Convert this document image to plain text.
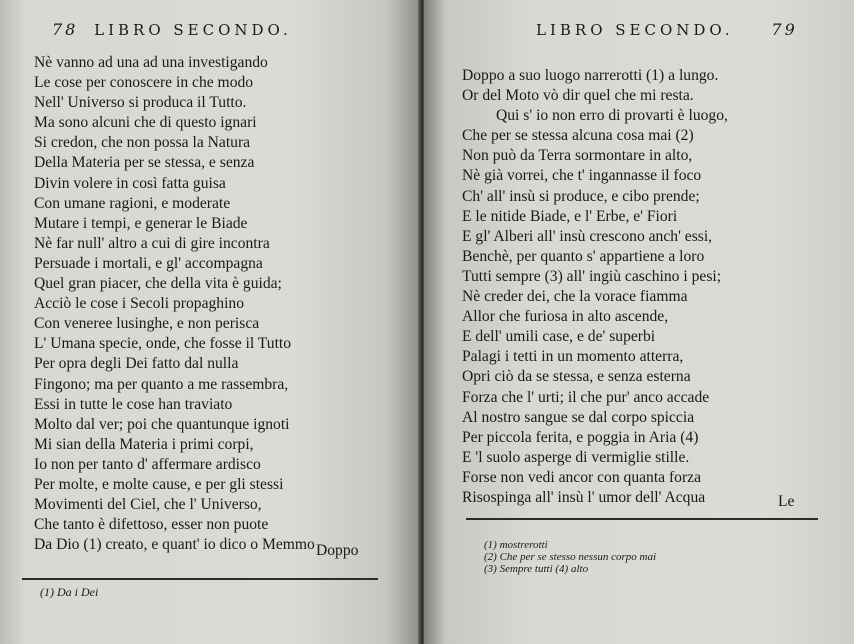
78 LIBRO SECONDO.
Nè vanno ad una ad una investigando
Le cose per conoscere in che modo
Nell' Universo si produca il Tutto.
Ma sono alcuni che di questo ignari
Si credon, che non possa la Natura
Della Materia per se stessa, e senza
Divin volere in così fatta guisa
Con umane ragioni, e moderate
Mutare i tempi, e generar le Biade
Nè far null' altro a cui di gire incontra
Persuade i mortali, e gl' accompagna
Quel gran piacer, che della vita è guida;
Acciò le cose i Secoli propaghino
Con veneree lusinghe, e non perisca
L' Umana specie, onde, che fosse il Tutto
Per opra degli Dei fatto dal nulla
Fingono; ma per quanto a me rassembra,
Essi in tutte le cose han traviato
Molto dal ver; poi che quantunque ignoti
Mi sian della Materia i primi corpi,
Io non per tanto d' affermare ardisco
Per molte, e molte cause, e per gli stessi
Movimenti del Ciel, che l' Universo,
Che tanto è difettoso, esser non puote
Da Dio (1) creato, e quant' io dico o Memmo Doppo
(1) Da i Dei
LIBRO SECONDO. 79
Doppo a suo luogo narrerotti (1) a lungo.
Or del Moto vò dir quel che mi resta.
Qui s' io non erro di provarti è luogo,
Che per se stessa alcuna cosa mai (2)
Non può da Terra sormontare in alto,
Nè già vorrei, che t' ingannasse il foco
Ch' all' insù si produce, e cibo prende;
E le nitide Biade, e l' Erbe, e' Fiori
E gl' Alberi all' insù crescono anch' essi,
Benchè, per quanto s' appartiene a loro
Tutti sempre (3) all' ingiù caschino i pesi;
Nè creder dei, che la vorace fiamma
Allor che furiosa in alto ascende,
E dell' umili case, e de' superbi
Palagi i tetti in un momento atterra,
Opri ciò da se stessa, e senza esterna
Forza che l' urti; il che pur' anco accade
Al nostro sangue se dal corpo spiccia
Per piccola ferita, e poggia in Aria (4)
E 'l suolo asperge di vermiglie stille.
Forse non vedi ancor con quanta forza
Risospinga all' insù l' umor dell' Acqua	Le
(1) mostrerotti
(2) Che per se stesso nessun corpo mai
(3) Sempre tutti (4) alto
